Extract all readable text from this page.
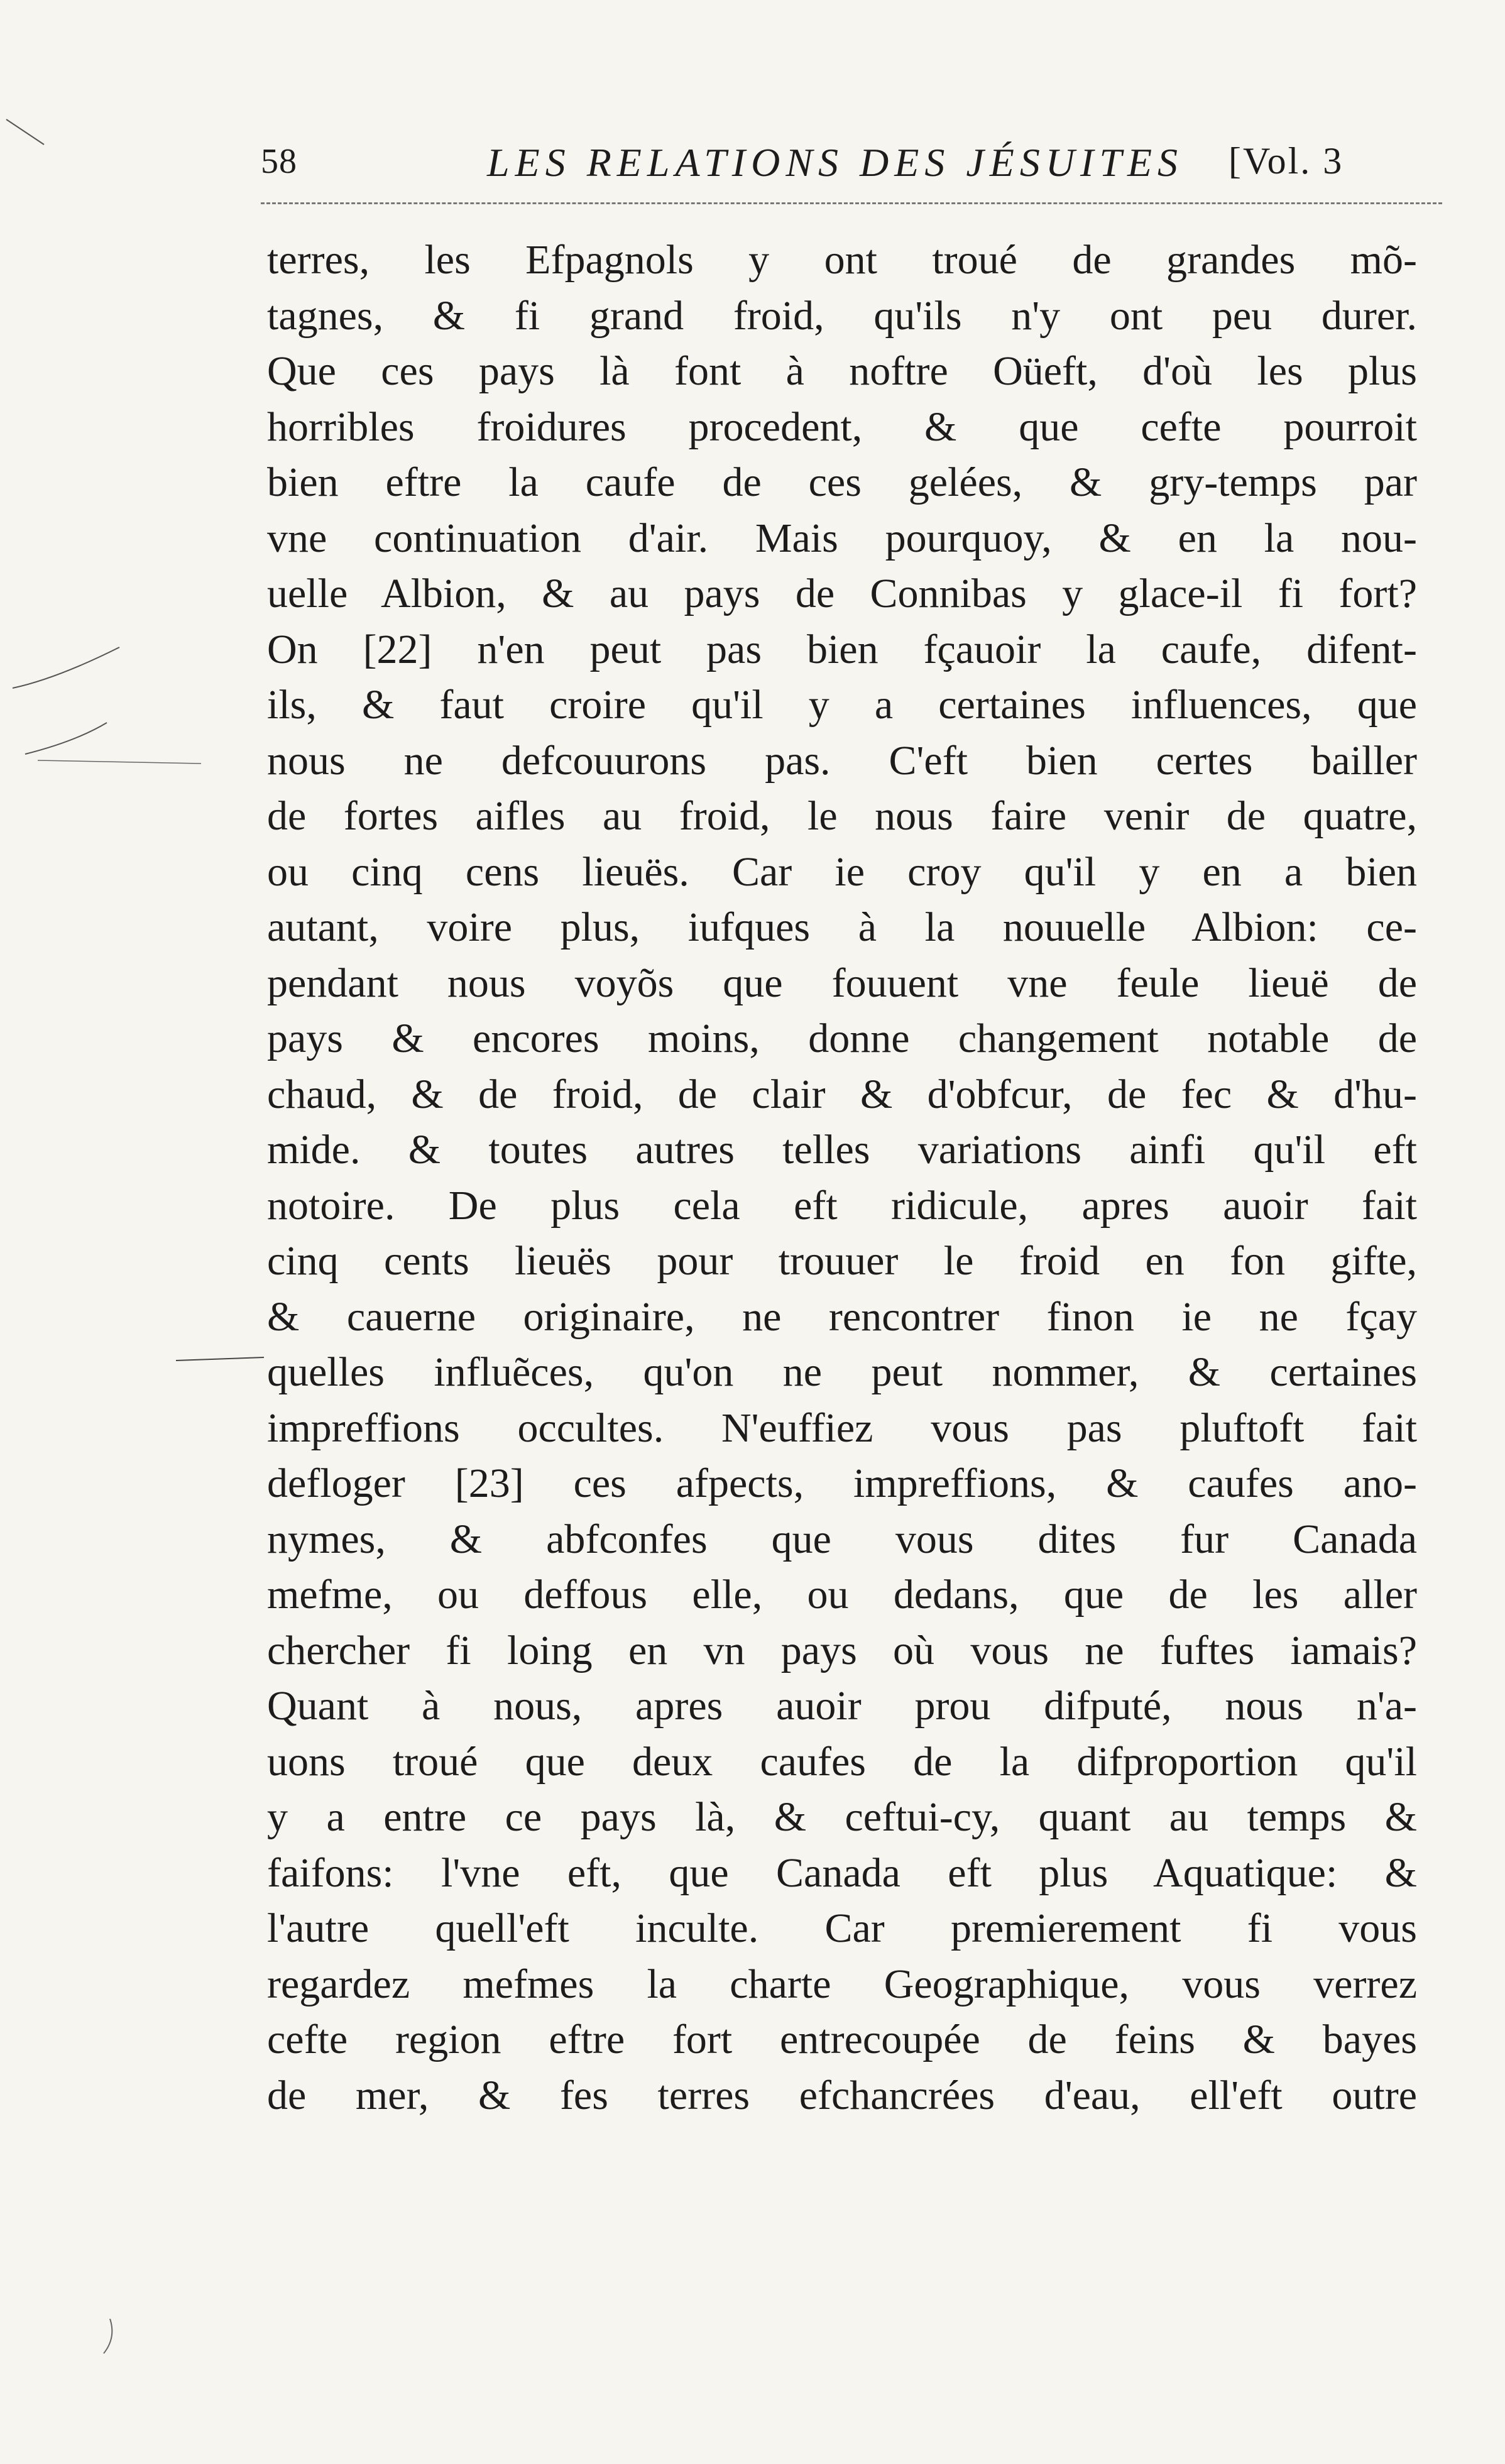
58	LES RELATIONS DES JÉSUITES [Vol. 3
terres, les Efpagnols y ont troué de grandes mõ-
tagnes, & fi grand froid, qu'ils n'y ont peu durer.
Que ces pays là font à noftre Oüeft, d'où les plus
horribles froidures procedent, & que cefte pourroit
bien eftre la caufe de ces gelées, & gry-temps par
vne continuation d'air. Mais pourquoy, & en la nou-
uelle Albion, & au pays de Connibas y glace-il fi fort?
On [22] n'en peut pas bien fçauoir la caufe, difent-
ils, & faut croire qu'il y a certaines influences, que
nous ne defcouurons pas. C'eft bien certes bailler
de fortes aifles au froid, le nous faire venir de quatre,
ou cinq cens lieuës. Car ie croy qu'il y en a bien
autant, voire plus, iufques à la nouuelle Albion: ce-
pendant nous voyõs que fouuent vne feule lieuë de
pays & encores moins, donne changement notable de
chaud, & de froid, de clair & d'obfcur, de fec & d'hu-
mide. & toutes autres telles variations ainfi qu'il eft
notoire. De plus cela eft ridicule, apres auoir fait
cinq cents lieuës pour trouuer le froid en fon gifte,
& cauerne originaire, ne rencontrer finon ie ne fçay
quelles influẽces, qu'on ne peut nommer, & certaines
impreffions occultes. N'euffiez vous pas pluftoft fait
defloger [23] ces afpects, impreffions, & caufes ano-
nymes, & abfconfes que vous dites fur Canada
mefme, ou deffous elle, ou dedans, que de les aller
chercher fi loing en vn pays où vous ne fuftes iamais?
Quant à nous, apres auoir prou difputé, nous n'a-
uons troué que deux caufes de la difproportion qu'il
y a entre ce pays là, & ceftui-cy, quant au temps &
faifons: l'vne eft, que Canada eft plus Aquatique: &
l'autre quell'eft inculte. Car premierement fi vous
regardez mefmes la charte Geographique, vous verrez
cefte region eftre fort entrecoupée de feins & bayes
de mer, & fes terres efchancrées d'eau, ell'eft outre
